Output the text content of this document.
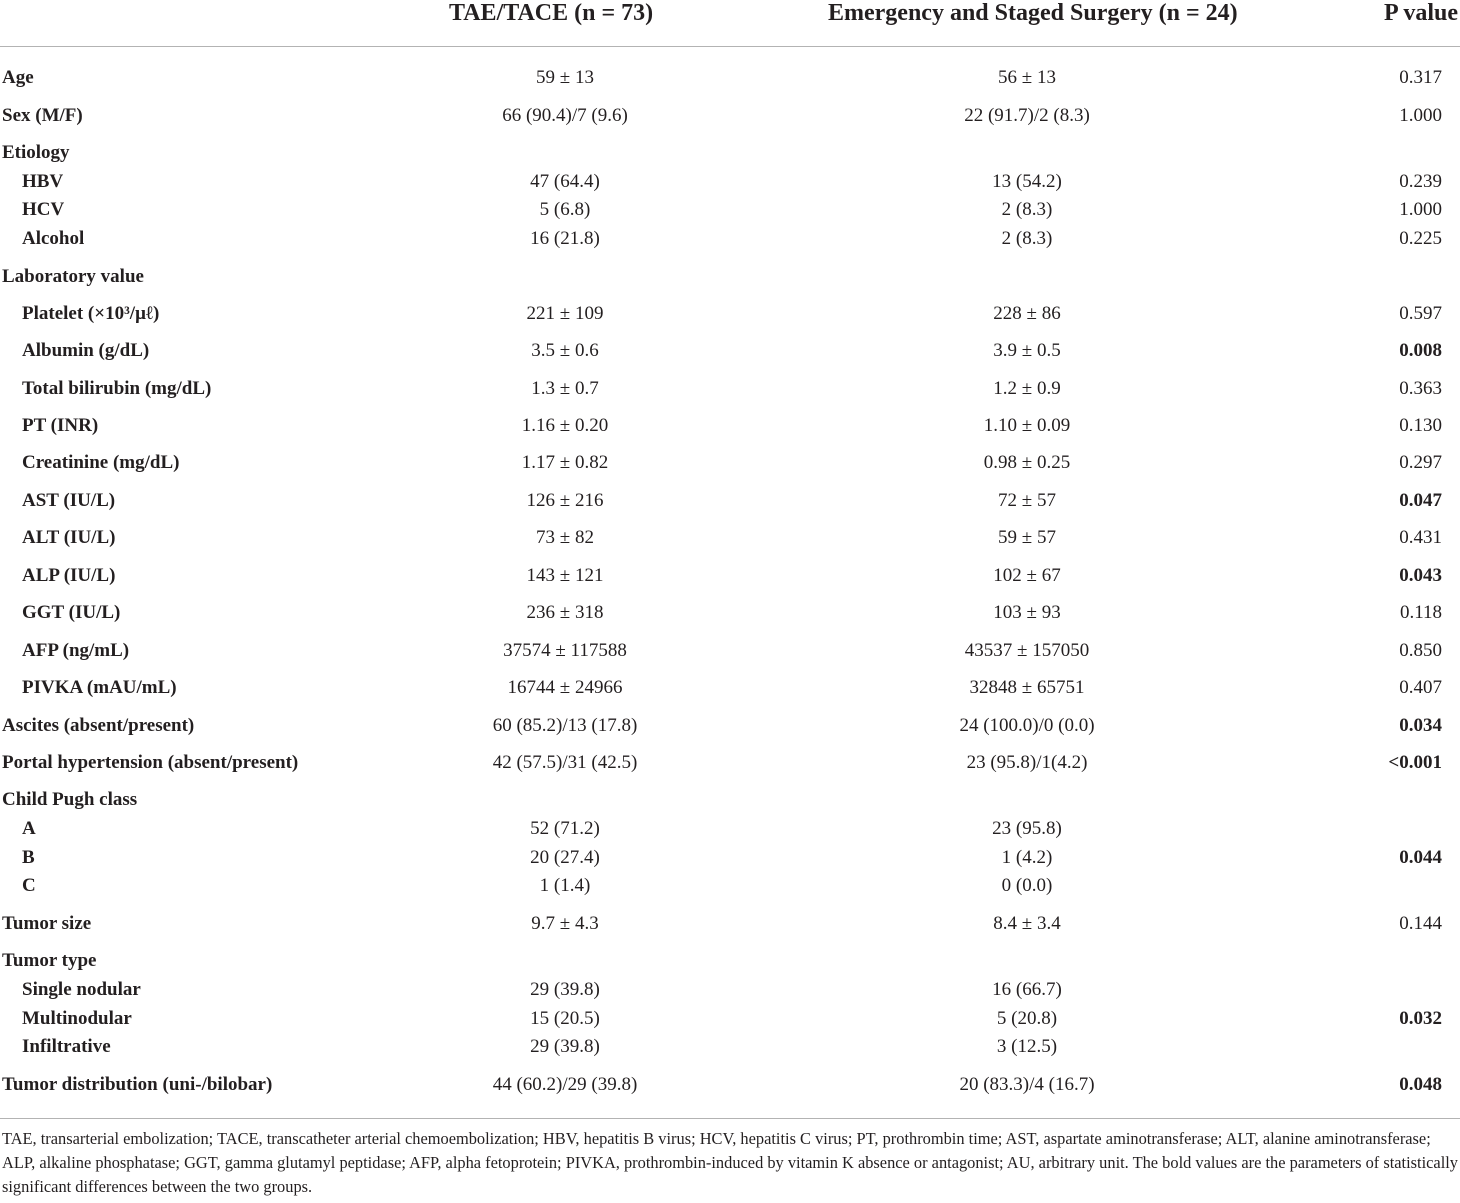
TAE/TACE (n = 73)	Emergency and Staged Surgery (n = 24)	P value
Age	59 ± 13	56 ± 13	0.317
Sex (M/F)	66 (90.4)/7 (9.6)	22 (91.7)/2 (8.3)	1.000
Etiology
HBV	47 (64.4)	13 (54.2)	0.239
HCV	5 (6.8)	2 (8.3)	1.000
Alcohol	16 (21.8)	2 (8.3)	0.225
Laboratory value
Platelet (×10³/μℓ)	221 ± 109	228 ± 86	0.597
Albumin (g/dL)	3.5 ± 0.6	3.9 ± 0.5	0.008
Total bilirubin (mg/dL)	1.3 ± 0.7	1.2 ± 0.9	0.363
PT (INR)	1.16 ± 0.20	1.10 ± 0.09	0.130
Creatinine (mg/dL)	1.17 ± 0.82	0.98 ± 0.25	0.297
AST (IU/L)	126 ± 216	72 ± 57	0.047
ALT (IU/L)	73 ± 82	59 ± 57	0.431
ALP (IU/L)	143 ± 121	102 ± 67	0.043
GGT (IU/L)	236 ± 318	103 ± 93	0.118
AFP (ng/mL)	37574 ± 117588	43537 ± 157050	0.850
PIVKA (mAU/mL)	16744 ± 24966	32848 ± 65751	0.407
Ascites (absent/present)	60 (85.2)/13 (17.8)	24 (100.0)/0 (0.0)	0.034
Portal hypertension (absent/present)	42 (57.5)/31 (42.5)	23 (95.8)/1(4.2)	<0.001
Child Pugh class
A	52 (71.2)	23 (95.8)
B	20 (27.4)	1 (4.2)	0.044
C	1 (1.4)	0 (0.0)
Tumor size	9.7 ± 4.3	8.4 ± 3.4	0.144
Tumor type
Single nodular	29 (39.8)	16 (66.7)
Multinodular	15 (20.5)	5 (20.8)	0.032
Infiltrative	29 (39.8)	3 (12.5)
Tumor distribution (uni-/bilobar)	44 (60.2)/29 (39.8)	20 (83.3)/4 (16.7)	0.048
TAE, transarterial embolization; TACE, transcatheter arterial chemoembolization; HBV, hepatitis B virus; HCV, hepatitis C virus; PT, prothrombin time; AST, aspartate aminotransferase; ALT, alanine aminotransferase; ALP, alkaline phosphatase; GGT, gamma glutamyl peptidase; AFP, alpha fetoprotein; PIVKA, prothrombin-induced by vitamin K absence or antagonist; AU, arbitrary unit. The bold values are the parameters of statistically significant differences between the two groups.
